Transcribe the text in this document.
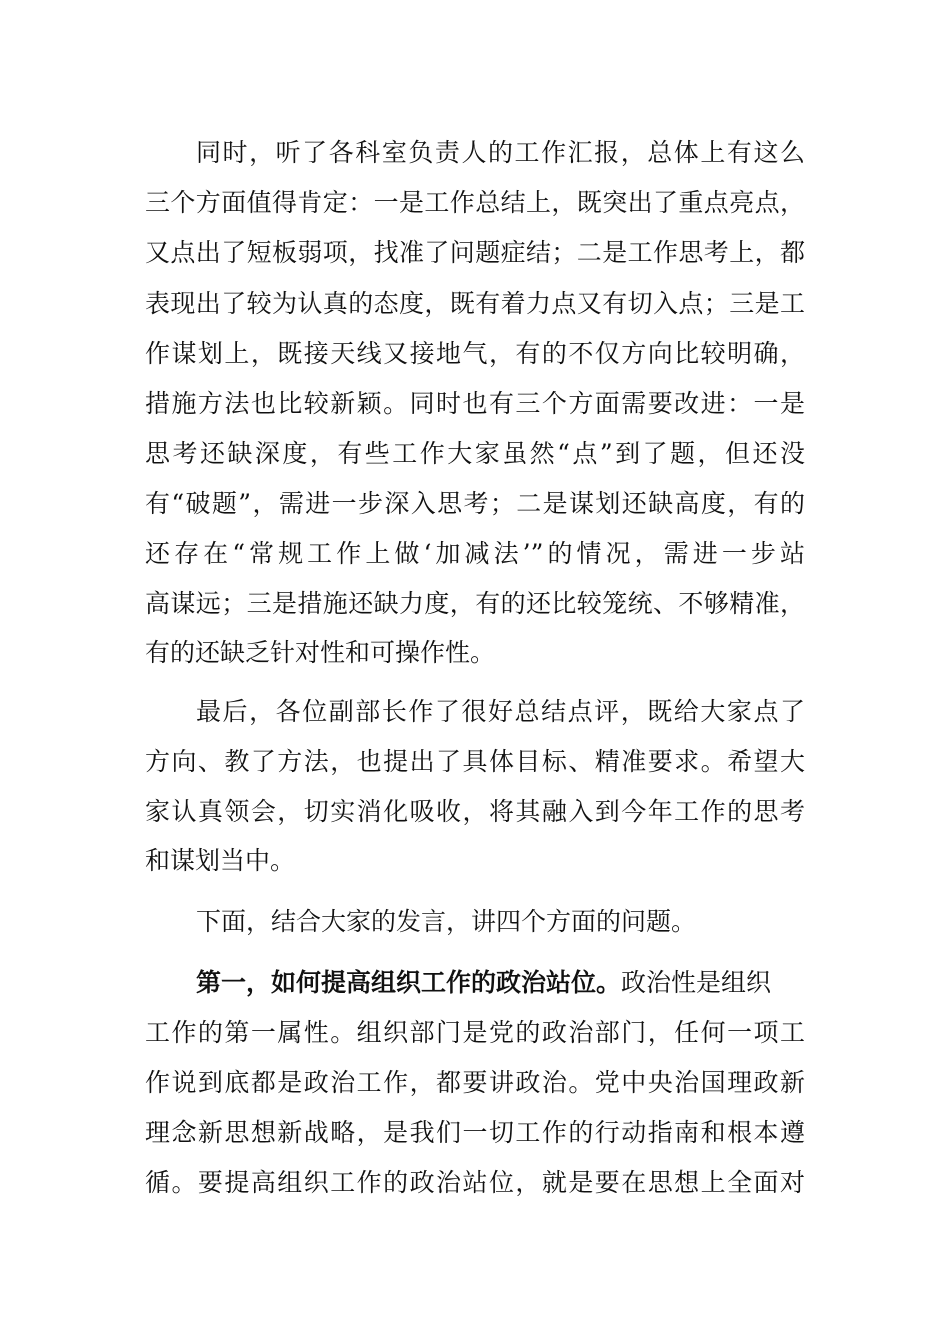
同时，听了各科室负责人的工作汇报，总体上有这么
三个方面值得肯定：一是工作总结上，既突出了重点亮点，
又点出了短板弱项，找准了问题症结；二是工作思考上，都
表现出了较为认真的态度，既有着力点又有切入点；三是工
作谋划上，既接天线又接地气，有的不仅方向比较明确，
措施方法也比较新颖。同时也有三个方面需要改进：一是
思考还缺深度，有些工作大家虽然“点”到了题，但还没
有“破题”，需进一步深入思考；二是谋划还缺高度，有的
还存在“常规工作上做‘加减法’”的情况，需进一步站
高谋远；三是措施还缺力度，有的还比较笼统、不够精准，
有的还缺乏针对性和可操作性。
最后，各位副部长作了很好总结点评，既给大家点了
方向、教了方法，也提出了具体目标、精准要求。希望大
家认真领会，切实消化吸收，将其融入到今年工作的思考
和谋划当中。
下面，结合大家的发言，讲四个方面的问题。
第一，如何提高组织工作的政治站位。政治性是组织
工作的第一属性。组织部门是党的政治部门，任何一项工
作说到底都是政治工作，都要讲政治。党中央治国理政新
理念新思想新战略，是我们一切工作的行动指南和根本遵
循。要提高组织工作的政治站位，就是要在思想上全面对
